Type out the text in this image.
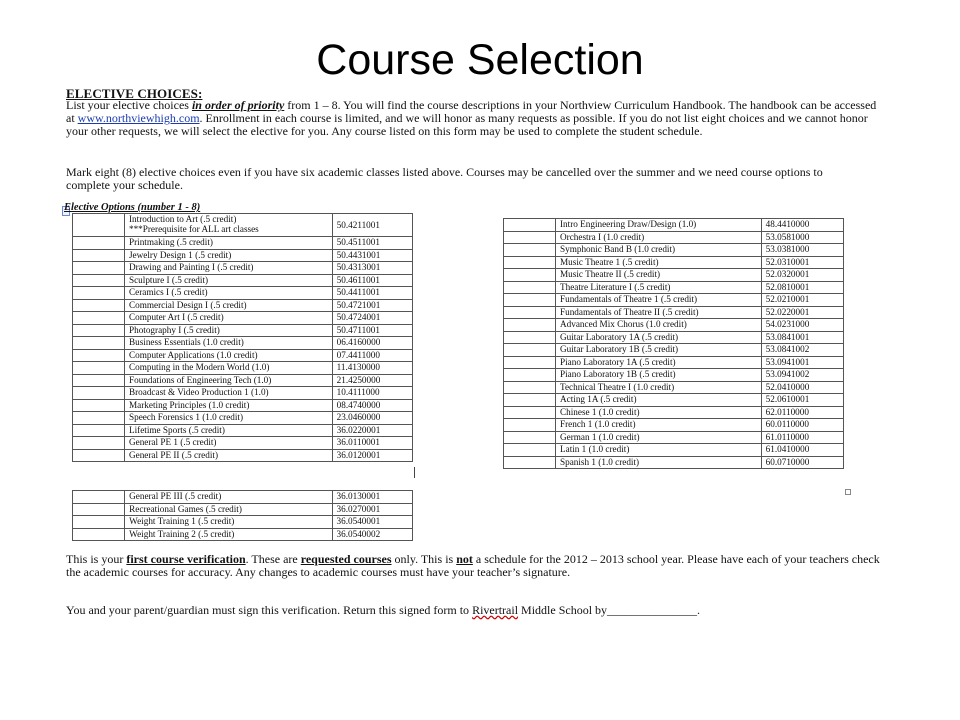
Course Selection
ELECTIVE CHOICES:

List your elective choices in order of priority from 1 – 8. You will find the course descriptions in your Northview Curriculum Handbook. The handbook can be accessed at www.northviewhigh.com. Enrollment in each course is limited, and we will honor as many requests as possible. If you do not list eight choices and we cannot honor your other requests, we will select the elective for you. Any course listed on this form may be used to complete the student schedule.

Mark eight (8) elective choices even if you have six academic classes listed above. Courses may be cancelled over the summer and we need course options to complete your schedule.

Elective Options (number 1 - 8)
	Introduction to Art (.5 credit)
***Prerequisite for ALL art classes	50.4211001
	Printmaking (.5 credit)	50.4511001
	Jewelry Design 1 (.5 credit)	50.4431001
	Drawing and Painting I (.5 credit)	50.4313001
	Sculpture I (.5 credit)	50.4611001
	Ceramics I (.5 credit)	50.4411001
	Commercial Design I (.5 credit)	50.4721001
	Computer Art I (.5 credit)	50.4724001
	Photography I (.5 credit)	50.4711001
	Business Essentials (1.0 credit)	06.4160000
	Computer Applications (1.0 credit)	07.4411000
	Computing in the Modern World (1.0)	11.4130000
	Foundations of Engineering Tech (1.0)	21.4250000
	Broadcast & Video Production 1 (1.0)	10.4111000
	Marketing Principles (1.0 credit)	08.4740000
	Speech Forensics 1 (1.0 credit)	23.0460000
	Lifetime Sports (.5 credit)	36.0220001
	General PE 1 (.5 credit)	36.0110001
	General PE II (.5 credit)	36.0120001
	General PE III (.5 credit)	36.0130001
	Recreational Games (.5 credit)	36.0270001
	Weight Training 1 (.5 credit)	36.0540001
	Weight Training 2 (.5 credit)	36.0540002
	Intro Engineering Draw/Design (1.0)	48.4410000
	Orchestra I (1.0 credit)	53.0581000
	Symphonic Band B (1.0 credit)	53.0381000
	Music Theatre 1 (.5 credit)	52.0310001
	Music Theatre II (.5 credit)	52.0320001
	Theatre Literature I (.5 credit)	52.0810001
	Fundamentals of Theatre 1 (.5 credit)	52.0210001
	Fundamentals of Theatre II (.5 credit)	52.0220001
	Advanced Mix Chorus (1.0 credit)	54.0231000
	Guitar Laboratory 1A (.5 credit)	53.0841001
	Guitar Laboratory 1B (.5 credit)	53.0841002
	Piano Laboratory 1A (.5 credit)	53.0941001
	Piano Laboratory 1B (.5 credit)	53.0941002
	Technical Theatre I (1.0 credit)	52.0410000
	Acting 1A (.5 credit)	52.0610001
	Chinese 1 (1.0 credit)	62.0110000
	French 1 (1.0 credit)	60.0110000
	German 1 (1.0 credit)	61.0110000
	Latin 1 (1.0 credit)	61.0410000
	Spanish 1 (1.0 credit)	60.0710000

This is your first course verification. These are requested courses only. This is not a schedule for the 2012 – 2013 school year. Please have each of your teachers check the academic courses for accuracy. Any changes to academic courses must have your teacher’s signature.

You and your parent/guardian must sign this verification. Return this signed form to Rivertrail Middle School by_______________.
